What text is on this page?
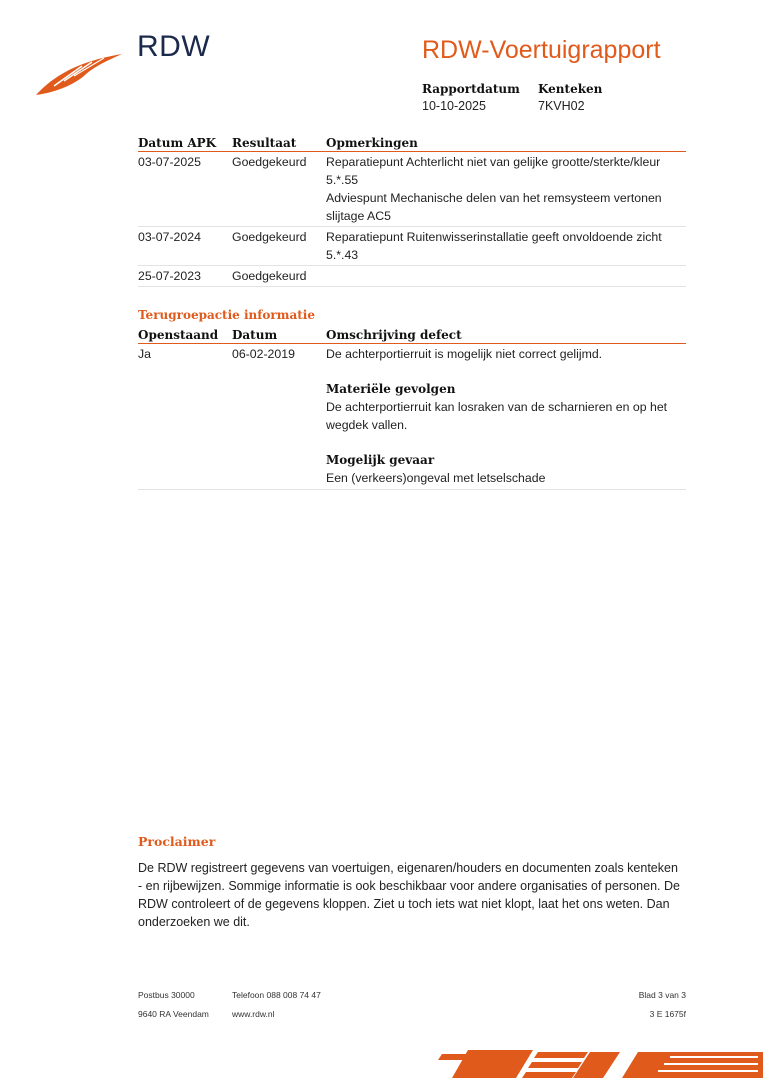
RDW	RDW-Voertuigrapport
Rapportdatum
10-10-2025
Kenteken
7KVH02
Datum APK	Resultaat	Opmerkingen
03-07-2025	Goedgekeurd	Reparatiepunt Achterlicht niet van gelijke grootte/sterkte/kleur 5.*.55
Adviespunt Mechanische delen van het remsysteem vertonen slijtage AC5
03-07-2024	Goedgekeurd	Reparatiepunt Ruitenwisserinstallatie geeft onvoldoende zicht 5.*.43
25-07-2023	Goedgekeurd
Terugroepactie informatie
Openstaand	Datum	Omschrijving defect
Ja	06-02-2019	De achterportierruit is mogelijk niet correct gelijmd.
Materiële gevolgen
De achterportierruit kan losraken van de scharnieren en op het wegdek vallen.
Mogelijk gevaar
Een (verkeers)ongeval met letselschade
Proclaimer
De RDW registreert gegevens van voertuigen, eigenaren/houders en documenten zoals kenteken - en rijbewijzen. Sommige informatie is ook beschikbaar voor andere organisaties of personen. De RDW controleert of de gegevens kloppen. Ziet u toch iets wat niet klopt, laat het ons weten. Dan onderzoeken we dit.
Postbus 30000
9640 RA Veendam
Telefoon 088 008 74 47
www.rdw.nl
Blad 3 van 3
3 E 1675f
